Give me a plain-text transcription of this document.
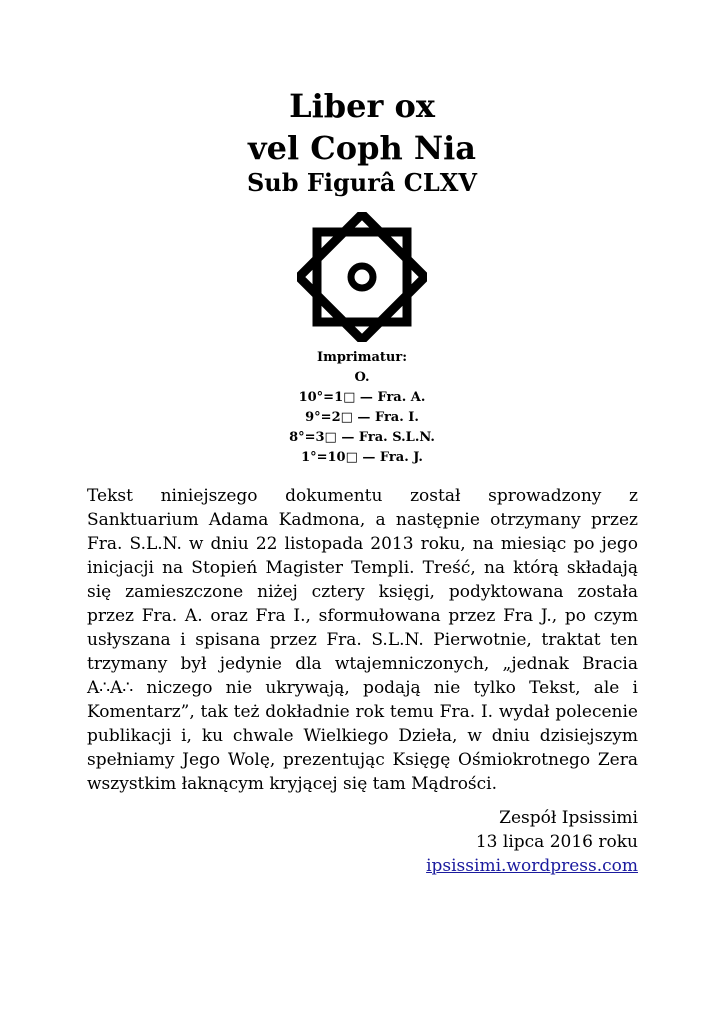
Liber ox
vel Coph Nia
Sub Figurâ CLXV
Imprimatur:
O.
10°=1□ — Fra. A.
9°=2□ — Fra. I.
8°=3□ — Fra. S.L.N.
1°=10□ — Fra. J.

Tekst niniejszego dokumentu został sprowadzony z Sanktuarium Adama Kadmona, a następnie otrzymany przez Fra. S.L.N. w dniu 22 listopada 2013 roku, na miesiąc po jego inicjacji na Stopień Magister Templi. Treść, na którą składają się zamieszczone niżej cztery księgi, podyktowana została przez Fra. A. oraz Fra I., sformułowana przez Fra J., po czym usłyszana i spisana przez Fra. S.L.N. Pierwotnie, traktat ten trzymany był jedynie dla wtajemniczonych, „jednak Bracia A∴A∴ niczego nie ukrywają, podają nie tylko Tekst, ale i Komentarz”, tak też dokładnie rok temu Fra. I. wydał polecenie publikacji i, ku chwale Wielkiego Dzieła, w dniu dzisiejszym spełniamy Jego Wolę, prezentując Księgę Ośmiokrotnego Zera wszystkim łaknącym kryjącej się tam Mądrości.

Zespół Ipsissimi
13 lipca 2016 roku
ipsissimi.wordpress.com
